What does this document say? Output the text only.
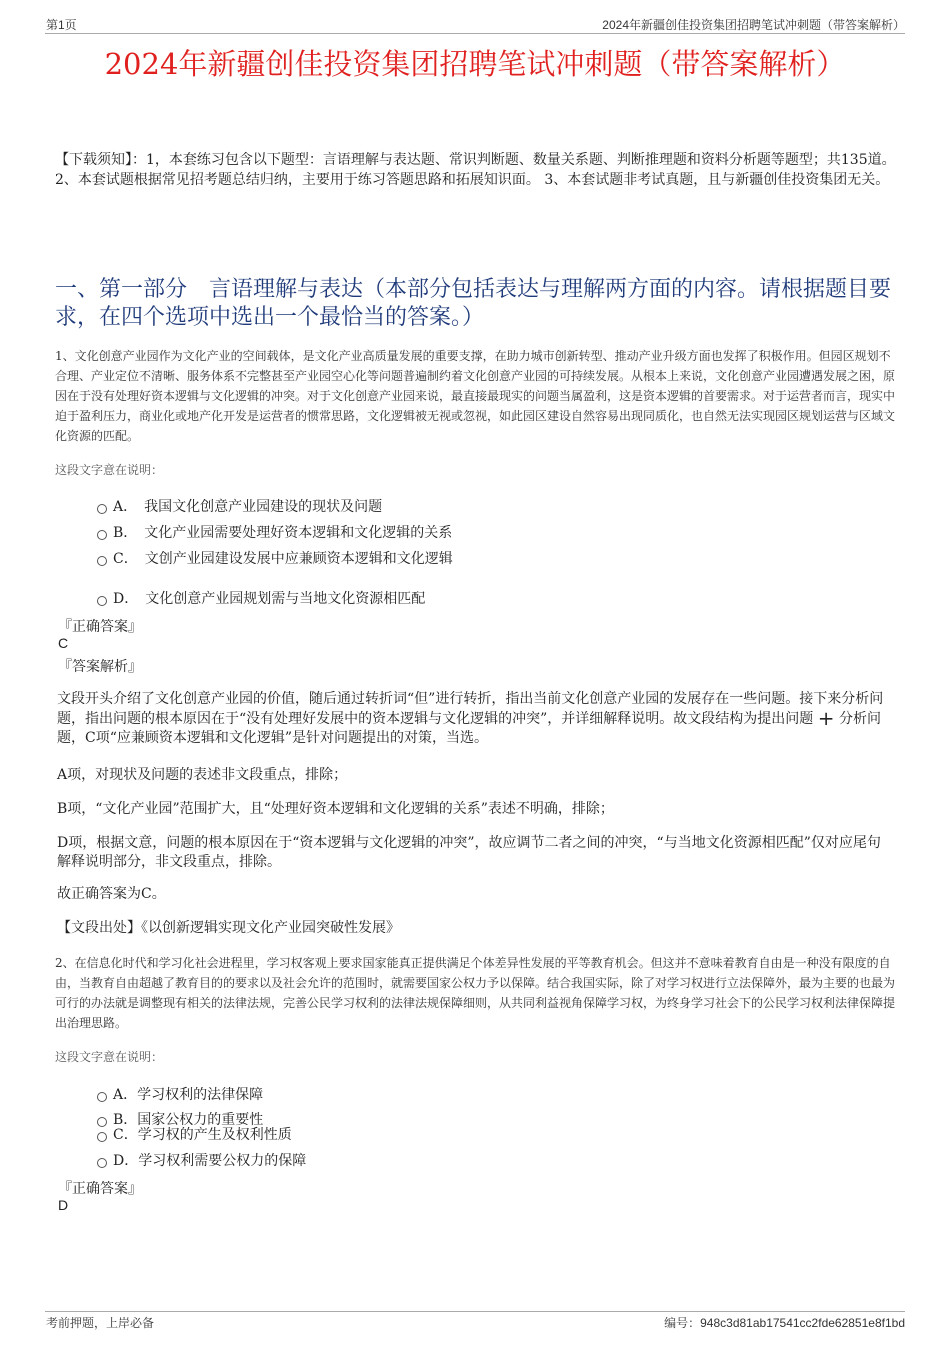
第1页	2024年新疆创佳投资集团招聘笔试冲刺题（带答案解析）
2024年新疆创佳投资集团招聘笔试冲刺题（带答案解析）
【下载须知】：1，本套练习包含以下题型：言语理解与表达题、常识判断题、数量关系题、判断推理题和资料分析题等题型；共135道。 2、本套试题根据常见招考题总结归纳，主要用于练习答题思路和拓展知识面。 3、本套试题非考试真题，且与新疆创佳投资集团无关。
一、第一部分　言语理解与表达（本部分包括表达与理解两方面的内容。请根据题目要求，在四个选项中选出一个最恰当的答案。）
1、文化创意产业园作为文化产业的空间载体，是文化产业高质量发展的重要支撑，在助力城市创新转型、推动产业升级方面也发挥了积极作用。但园区规划不合理、产业定位不清晰、服务体系不完整甚至产业园空心化等问题普遍制约着文化创意产业园的可持续发展。从根本上来说，文化创意产业园遭遇发展之困，原因在于没有处理好资本逻辑与文化逻辑的冲突。对于文化创意产业园来说，最直接最现实的问题当属盈利，这是资本逻辑的首要需求。对于运营者而言，现实中迫于盈利压力，商业化或地产化开发是运营者的惯常思路，文化逻辑被无视或忽视，如此园区建设自然容易出现同质化，也自然无法实现园区规划运营与区域文化资源的匹配。
这段文字意在说明：
A．　我国文化创意产业园建设的现状及问题
B．　文化产业园需要处理好资本逻辑和文化逻辑的关系
C．　文创产业园建设发展中应兼顾资本逻辑和文化逻辑
D．　文化创意产业园规划需与当地文化资源相匹配
『正确答案』
C
『答案解析』
文段开头介绍了文化创意产业园的价值，随后通过转折词“但”进行转折，指出当前文化创意产业园的发展存在一些问题。接下来分析问题，指出问题的根本原因在于“没有处理好发展中的资本逻辑与文化逻辑的冲突”，并详细解释说明。故文段结构为提出问题 + 分析问题，C项“应兼顾资本逻辑和文化逻辑”是针对问题提出的对策，当选。
A项，对现状及问题的表述非文段重点，排除；
B项，“文化产业园”范围扩大，且“处理好资本逻辑和文化逻辑的关系”表述不明确，排除；
D项，根据文意，问题的根本原因在于“资本逻辑与文化逻辑的冲突”，故应调节二者之间的冲突，“与当地文化资源相匹配”仅对应尾句解释说明部分，非文段重点，排除。
故正确答案为C。
【文段出处】《以创新逻辑实现文化产业园突破性发展》
2、在信息化时代和学习化社会进程里，学习权客观上要求国家能真正提供满足个体差异性发展的平等教育机会。但这并不意味着教育自由是一种没有限度的自由，当教育自由超越了教育目的的要求以及社会允许的范围时，就需要国家公权力予以保障。结合我国实际，除了对学习权进行立法保障外，最为主要的也最为可行的办法就是调整现有相关的法律法规，完善公民学习权利的法律法规保障细则，从共同利益视角保障学习权，为终身学习社会下的公民学习权利法律保障提出治理思路。
这段文字意在说明：
A．学习权利的法律保障
B．国家公权力的重要性
C．学习权的产生及权利性质
D．学习权利需要公权力的保障
『正确答案』
D
考前押题，上岸必备	编号：948c3d81ab17541cc2fde62851e8f1bd
